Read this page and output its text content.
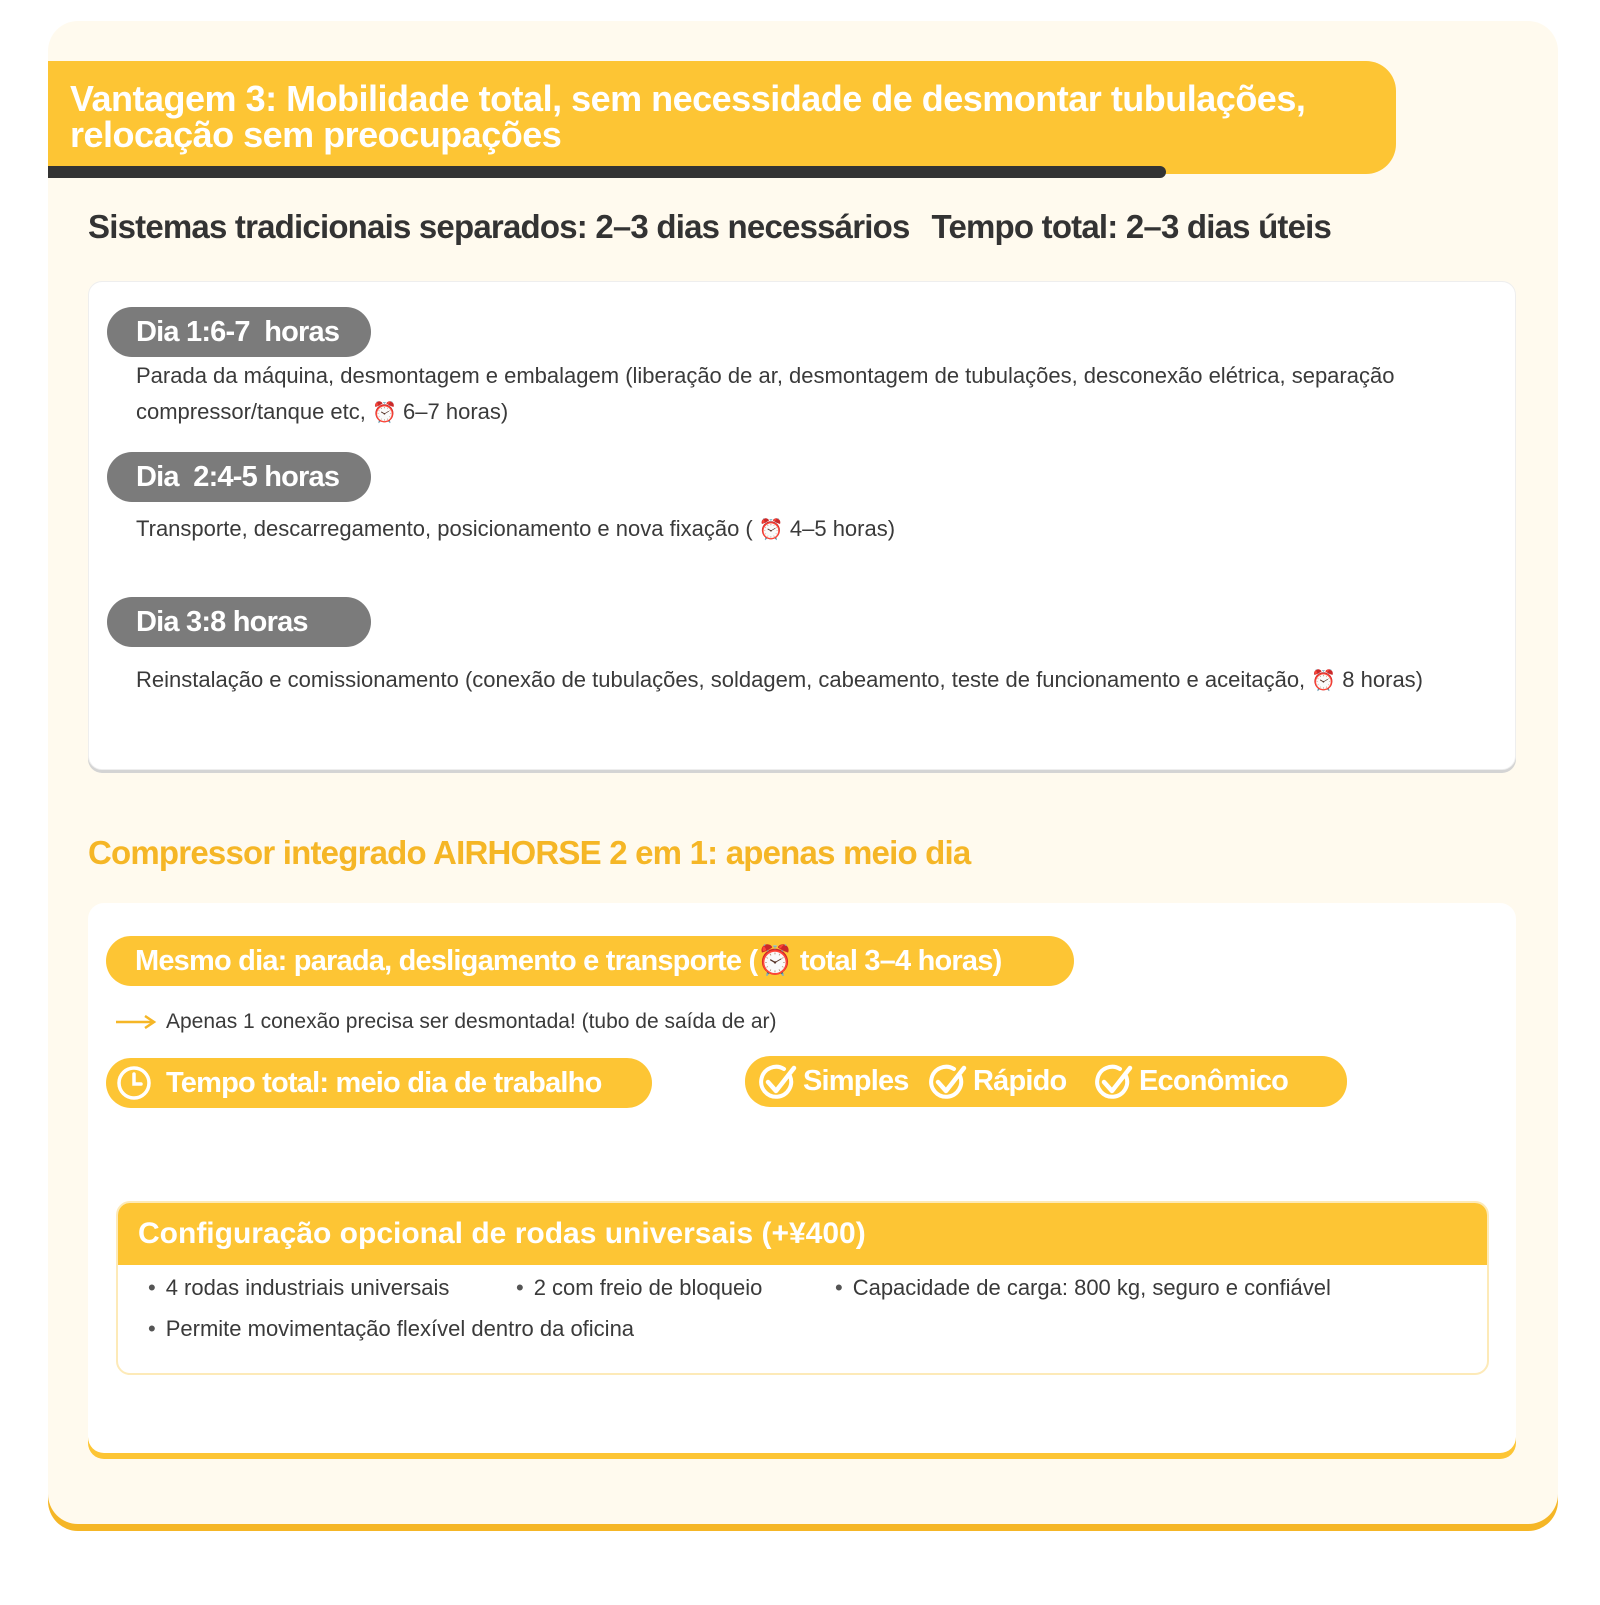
Vantagem 3: Mobilidade total, sem necessidade de desmontar tubulações, relocação sem preocupações
Sistemas tradicionais separados: 2–3 dias necessários Tempo total: 2–3 dias úteis
Dia 1:6-7  horas

Parada da máquina, desmontagem e embalagem (liberação de ar, desmontagem de tubulações, desconexão elétrica, separação compressor/tanque etc, ⏰ 6–7 horas)

Dia  2:4-5 horas

Transporte, descarregamento, posicionamento e nova fixação ( ⏰ 4–5 horas)

Dia 3:8 horas

Reinstalação e comissionamento (conexão de tubulações, soldagem, cabeamento, teste de funcionamento e aceitação, ⏰ 8 horas)

Compressor integrado AIRHORSE 2 em 1: apenas meio dia
Mesmo dia: parada, desligamento e transporte (⏰ total 3–4 horas)
Apenas 1 conexão precisa ser desmontada! (tubo de saída de ar)
Tempo total: meio dia de trabalho	Simples Rápido	Econômico
Configuração opcional de rodas universais (+¥400)
• 4 rodas industriais universais	• 2 com freio de bloqueio	• Capacidade de carga: 800 kg, seguro e confiável
• Permite movimentação flexível dentro da oficina
